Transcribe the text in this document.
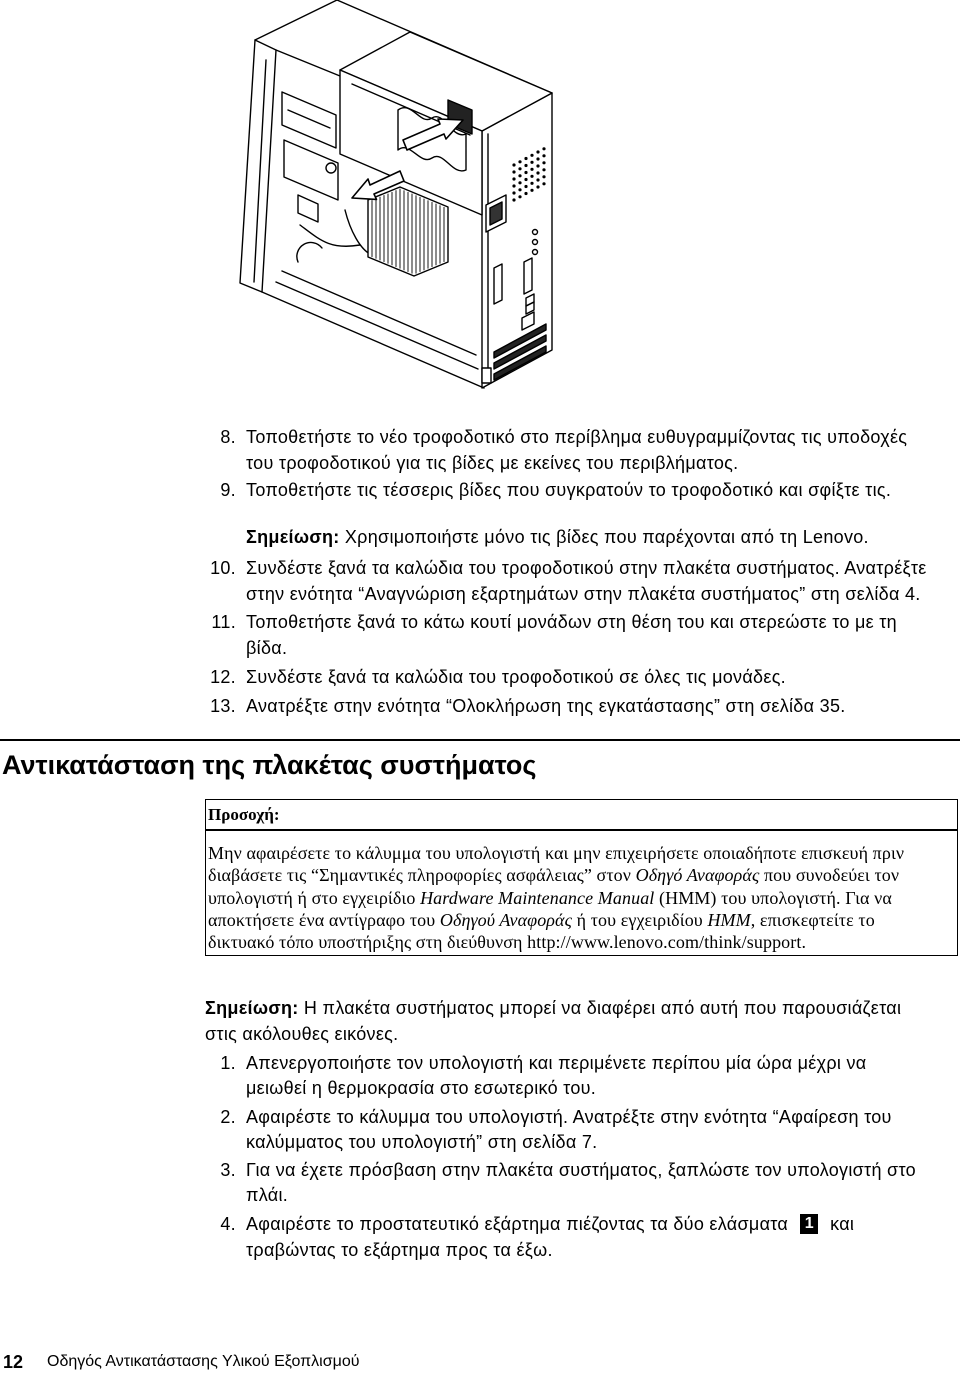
8. Τοποθετήστε το νέο τροφοδοτικό στο περίβλημα ευθυγραμμίζοντας τις υποδοχές
του τροφοδοτικού για τις βίδες με εκείνες του περιβλήματος.
9. Τοποθετήστε τις τέσσερις βίδες που συγκρατούν το τροφοδοτικό και σφίξτε τις.
Σημείωση: Χρησιμοποιήστε μόνο τις βίδες που παρέχονται από τη Lenovo.
10. Συνδέστε ξανά τα καλώδια του τροφοδοτικού στην πλακέτα συστήματος. Ανατρέξτε
στην ενότητα “Αναγνώριση εξαρτημάτων στην πλακέτα συστήματος” στη σελίδα 4.
11. Τοποθετήστε ξανά το κάτω κουτί μονάδων στη θέση του και στερεώστε το με τη
βίδα.
12. Συνδέστε ξανά τα καλώδια του τροφοδοτικού σε όλες τις μονάδες.
13. Ανατρέξτε στην ενότητα “Ολοκλήρωση της εγκατάστασης” στη σελίδα 35.
Αντικατάσταση της πλακέτας συστήματος
Προσοχή:
Μην αφαιρέσετε το κάλυμμα του υπολογιστή και μην επιχειρήσετε οποιαδήποτε επισκευή πριν
διαβάσετε τις “Σημαντικές πληροφορίες ασφάλειας” στον Οδηγό Αναφοράς που συνοδεύει τον
υπολογιστή ή στο εγχειρίδιο Hardware Maintenance Manual (HMM) του υπολογιστή. Για να
αποκτήσετε ένα αντίγραφο του Οδηγού Αναφοράς ή του εγχειριδίου HMM, επισκεφτείτε το
δικτυακό τόπο υποστήριξης στη διεύθυνση http://www.lenovo.com/think/support.
Σημείωση: Η πλακέτα συστήματος μπορεί να διαφέρει από αυτή που παρουσιάζεται
στις ακόλουθες εικόνες.
1. Απενεργοποιήστε τον υπολογιστή και περιμένετε περίπου μία ώρα μέχρι να
μειωθεί η θερμοκρασία στο εσωτερικό του.
2. Αφαιρέστε το κάλυμμα του υπολογιστή. Ανατρέξτε στην ενότητα “Αφαίρεση του
καλύμματος του υπολογιστή” στη σελίδα 7.
3. Για να έχετε πρόσβαση στην πλακέτα συστήματος, ξαπλώστε τον υπολογιστή στο
πλάι.
4. Αφαιρέστε το προστατευτικό εξάρτημα πιέζοντας τα δύο ελάσματα 1 και
τραβώντας το εξάρτημα προς τα έξω.
12 Οδηγός Αντικατάστασης Υλικού Εξοπλισμού
